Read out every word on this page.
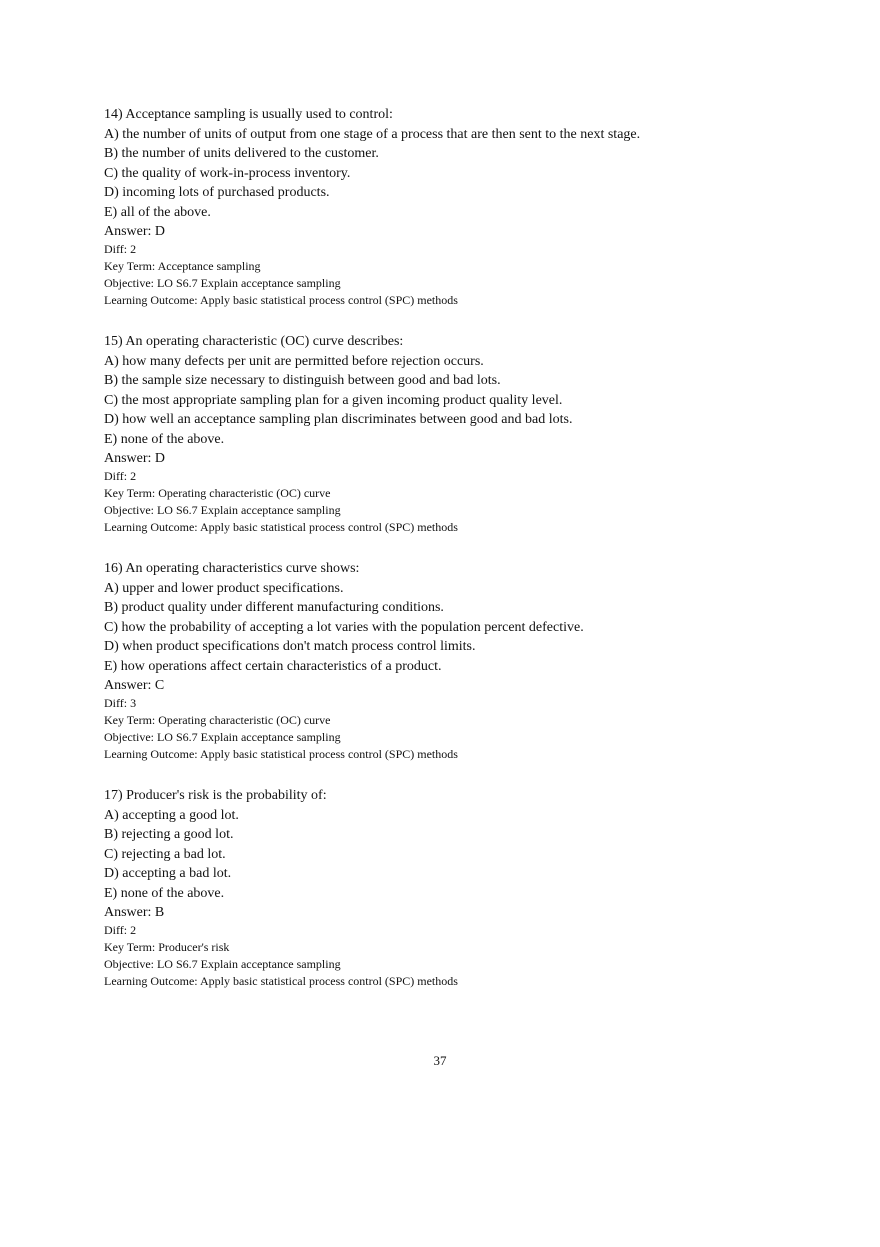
14) Acceptance sampling is usually used to control:
A) the number of units of output from one stage of a process that are then sent to the next stage.
B) the number of units delivered to the customer.
C) the quality of work-in-process inventory.
D) incoming lots of purchased products.
E) all of the above.
Answer: D
Diff: 2
Key Term: Acceptance sampling
Objective: LO S6.7 Explain acceptance sampling
Learning Outcome: Apply basic statistical process control (SPC) methods
15) An operating characteristic (OC) curve describes:
A) how many defects per unit are permitted before rejection occurs.
B) the sample size necessary to distinguish between good and bad lots.
C) the most appropriate sampling plan for a given incoming product quality level.
D) how well an acceptance sampling plan discriminates between good and bad lots.
E) none of the above.
Answer: D
Diff: 2
Key Term: Operating characteristic (OC) curve
Objective: LO S6.7 Explain acceptance sampling
Learning Outcome: Apply basic statistical process control (SPC) methods
16) An operating characteristics curve shows:
A) upper and lower product specifications.
B) product quality under different manufacturing conditions.
C) how the probability of accepting a lot varies with the population percent defective.
D) when product specifications don't match process control limits.
E) how operations affect certain characteristics of a product.
Answer: C
Diff: 3
Key Term: Operating characteristic (OC) curve
Objective: LO S6.7 Explain acceptance sampling
Learning Outcome: Apply basic statistical process control (SPC) methods
17) Producer's risk is the probability of:
A) accepting a good lot.
B) rejecting a good lot.
C) rejecting a bad lot.
D) accepting a bad lot.
E) none of the above.
Answer: B
Diff: 2
Key Term: Producer's risk
Objective: LO S6.7 Explain acceptance sampling
Learning Outcome: Apply basic statistical process control (SPC) methods
37
